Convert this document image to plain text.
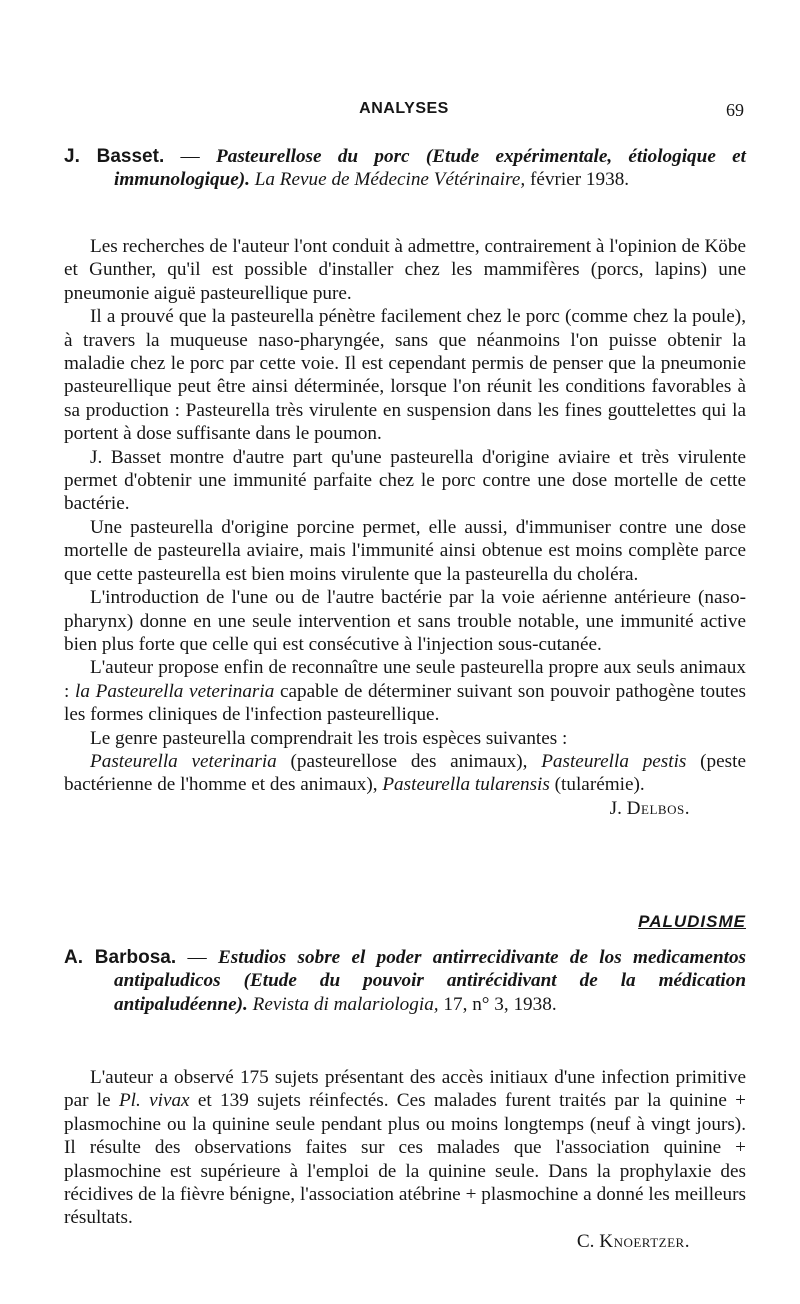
ANALYSES	69
J. Basset. — Pasteurellose du porc (Etude expérimentale, étiologique et immunologique). La Revue de Médecine Vétérinaire, février 1938.

Les recherches de l'auteur l'ont conduit à admettre, contrairement à l'opinion de Köbe et Gunther, qu'il est possible d'installer chez les mammifères (porcs, lapins) une pneumonie aiguë pasteurellique pure.

Il a prouvé que la pasteurella pénètre facilement chez le porc (comme chez la poule), à travers la muqueuse naso-pharyngée, sans que néanmoins l'on puisse obtenir la maladie chez le porc par cette voie. Il est cependant permis de penser que la pneumonie pasteurellique peut être ainsi déterminée, lorsque l'on réunit les conditions favorables à sa production : Pasteurella très virulente en suspension dans les fines gouttelettes qui la portent à dose suffisante dans le poumon.

J. Basset montre d'autre part qu'une pasteurella d'origine aviaire et très virulente permet d'obtenir une immunité parfaite chez le porc contre une dose mortelle de cette bactérie.

Une pasteurella d'origine porcine permet, elle aussi, d'immuniser contre une dose mortelle de pasteurella aviaire, mais l'immunité ainsi obtenue est moins complète parce que cette pasteurella est bien moins virulente que la pasteurella du choléra.

L'introduction de l'une ou de l'autre bactérie par la voie aérienne antérieure (naso-pharynx) donne en une seule intervention et sans trouble notable, une immunité active bien plus forte que celle qui est consécutive à l'injection sous-cutanée.

L'auteur propose enfin de reconnaître une seule pasteurella propre aux seuls animaux : la Pasteurella veterinaria capable de déterminer suivant son pouvoir pathogène toutes les formes cliniques de l'infection pasteurellique.

Le genre pasteurella comprendrait les trois espèces suivantes :

Pasteurella veterinaria (pasteurellose des animaux), Pasteurella pestis (peste bactérienne de l'homme et des animaux), Pasteurella tularensis (tularémie).

J. Delbos.
PALUDISME
A. Barbosa. — Estudios sobre el poder antirrecidivante de los medicamentos antipaludicos (Etude du pouvoir antirécidivant de la médication antipaludéenne). Revista di malariologia, 17, n° 3, 1938.

L'auteur a observé 175 sujets présentant des accès initiaux d'une infection primitive par le Pl. vivax et 139 sujets réinfectés. Ces malades furent traités par la quinine + plasmochine ou la quinine seule pendant plus ou moins longtemps (neuf à vingt jours). Il résulte des observations faites sur ces malades que l'association quinine + plasmochine est supérieure à l'emploi de la quinine seule. Dans la prophylaxie des récidives de la fièvre bénigne, l'association atébrine + plasmochine a donné les meilleurs résultats.

C. Knoertzer.
